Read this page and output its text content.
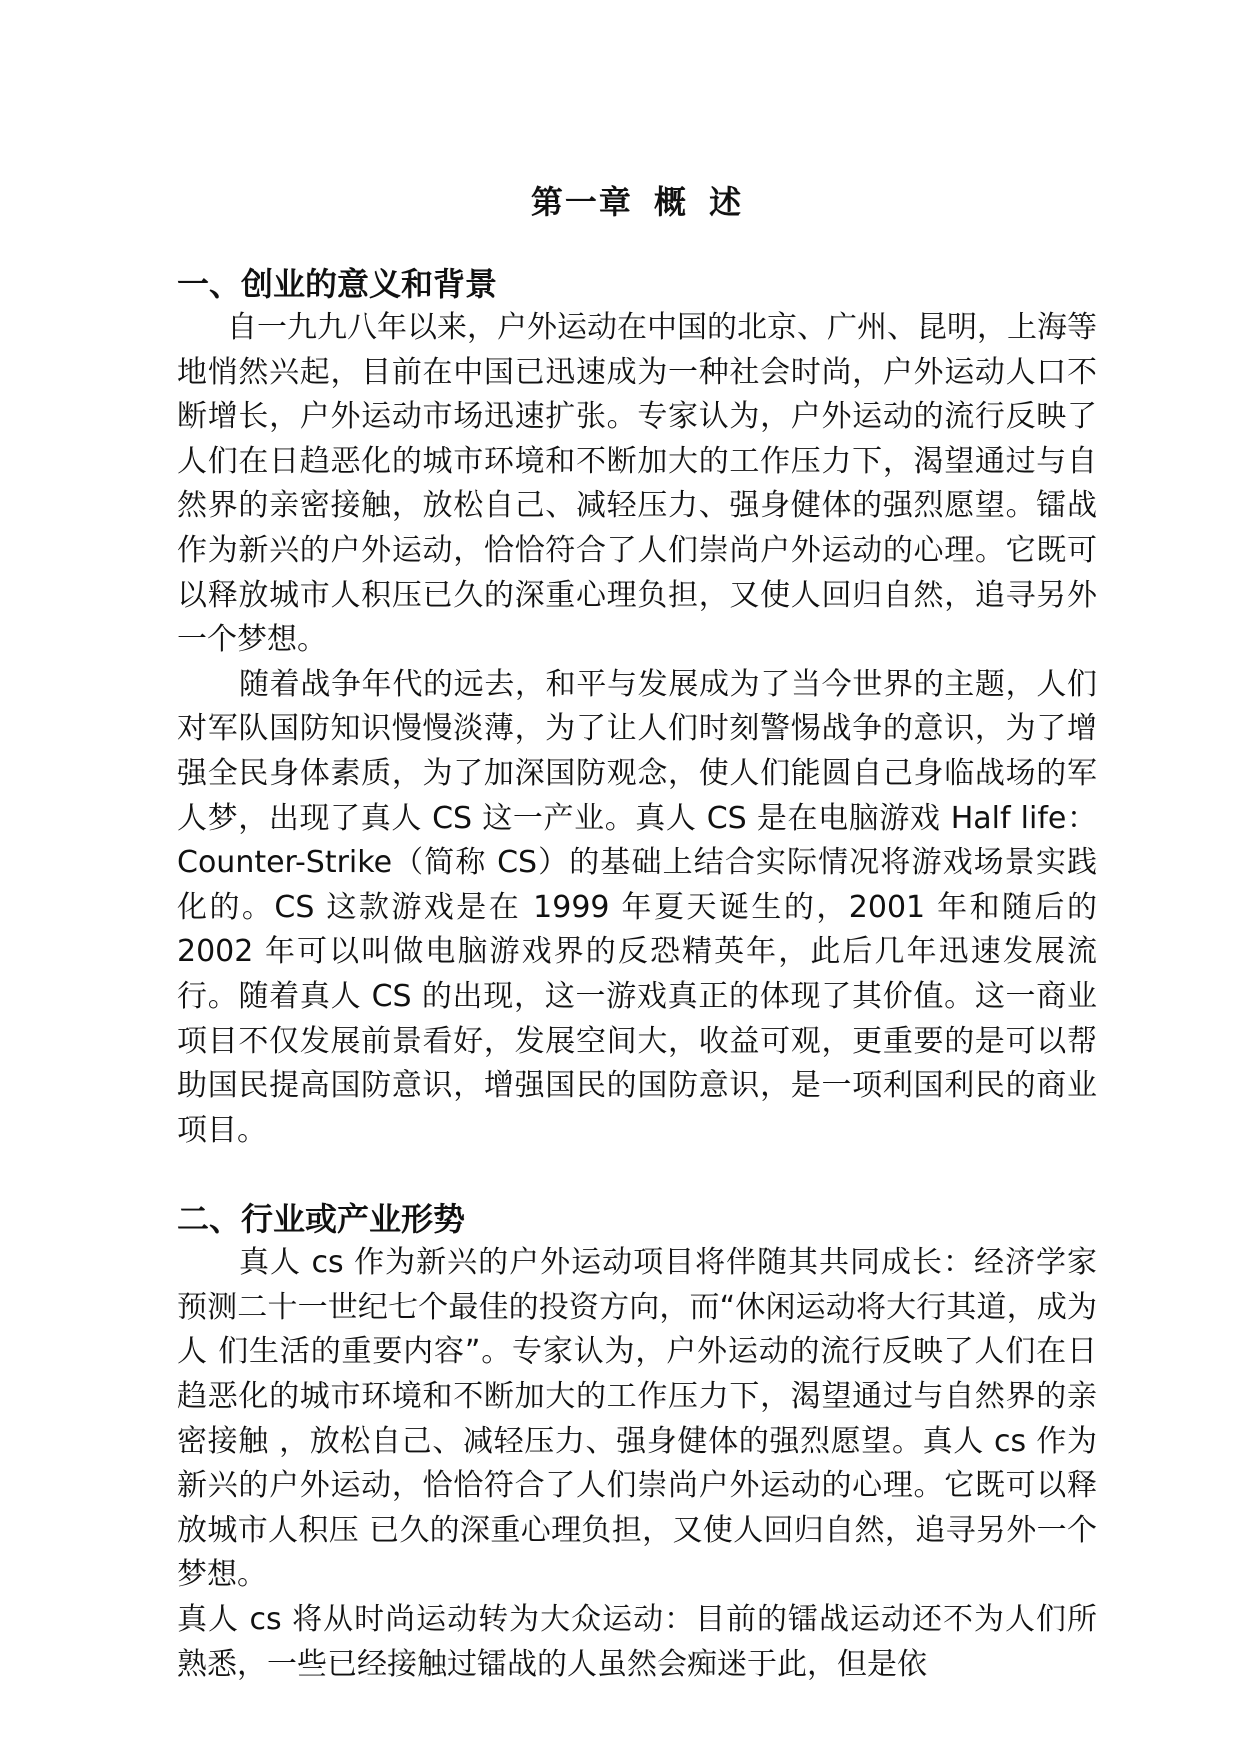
第一章 概 述
一、创业的意义和背景

自一九九八年以来，户外运动在中国的北京、广州、昆明，上海等地悄然兴起，目前在中国已迅速成为一种社会时尚，户外运动人口不断增长，户外运动市场迅速扩张。专家认为，户外运动的流行反映了人们在日趋恶化的城市环境和不断加大的工作压力下，渴望通过与自然界的亲密接触，放松自己、减轻压力、强身健体的强烈愿望。镭战作为新兴的户外运动，恰恰符合了人们崇尚户外运动的心理。它既可以释放城市人积压已久的深重心理负担，又使人回归自然，追寻另外一个梦想。

随着战争年代的远去，和平与发展成为了当今世界的主题，人们对军队国防知识慢慢淡薄，为了让人们时刻警惕战争的意识，为了增强全民身体素质，为了加深国防观念，使人们能圆自己身临战场的军人梦，出现了真人 CS 这一产业。真人 CS 是在电脑游戏 Half life：Counter-Strike（简称 CS）的基础上结合实际情况将游戏场景实践化的。CS 这款游戏是在 1999 年夏天诞生的，2001 年和随后的 2002 年可以叫做电脑游戏界的反恐精英年，此后几年迅速发展流行。随着真人 CS 的出现，这一游戏真正的体现了其价值。这一商业项目不仅发展前景看好，发展空间大，收益可观，更重要的是可以帮助国民提高国防意识，增强国民的国防意识，是一项利国利民的商业项目。

二、行业或产业形势

真人 cs 作为新兴的户外运动项目将伴随其共同成长：经济学家预测二十一世纪七个最佳的投资方向，而“休闲运动将大行其道，成为人 们生活的重要内容”。专家认为，户外运动的流行反映了人们在日趋恶化的城市环境和不断加大的工作压力下，渴望通过与自然界的亲密接触 ，放松自己、减轻压力、强身健体的强烈愿望。真人 cs 作为新兴的户外运动，恰恰符合了人们崇尚户外运动的心理。它既可以释放城市人积压 已久的深重心理负担，又使人回归自然，追寻另外一个梦想。

真人 cs 将从时尚运动转为大众运动：目前的镭战运动还不为人们所熟悉，一些已经接触过镭战的人虽然会痴迷于此，但是依
